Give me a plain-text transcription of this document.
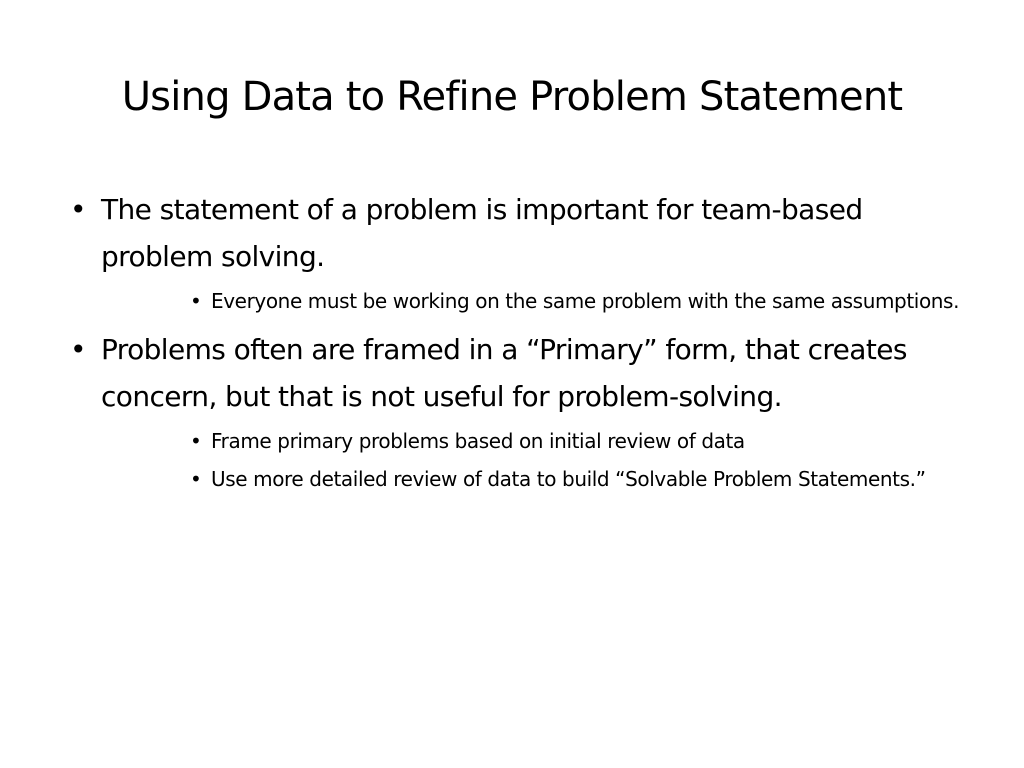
Using Data to Refine Problem Statement
• The statement of a problem is important for team-based problem solving.
• Everyone must be working on the same problem with the same assumptions.
• Problems often are framed in a “Primary” form, that creates concern, but that is not useful for problem-solving.
• Frame primary problems based on initial review of data
• Use more detailed review of data to build “Solvable Problem Statements.”
